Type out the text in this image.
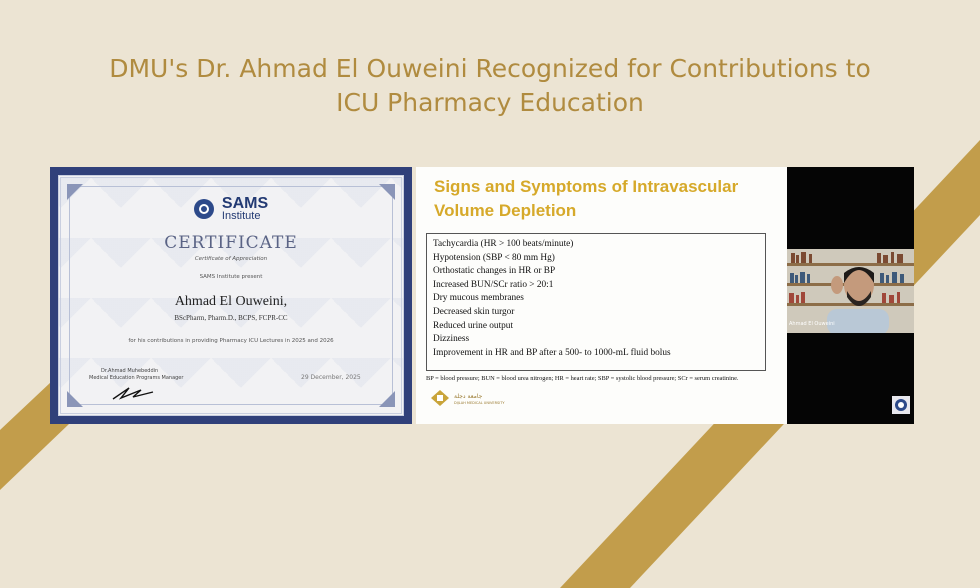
DMU's Dr. Ahmad El Ouweini Recognized for Contributions to
ICU Pharmacy Education

SAMS
Institute
CERTIFICATE
Certificate of Appreciation
SAMS Institute present
Ahmad El Ouweini,
BScPharm, Pharm.D., BCPS, FCPR-CC
for his contributions in providing Pharmacy ICU Lectures in 2025 and 2026
Dr.Ahmad Muhebeddin
Medical Education Programs Manager	29 December, 2025
Signs and Symptoms of Intravascular
Volume Depletion
Tachycardia (HR > 100 beats/minute)
Hypotension (SBP < 80 mm Hg)
Orthostatic changes in HR or BP
Increased BUN/SCr ratio > 20:1
Dry mucous membranes
Decreased skin turgor
Reduced urine output
Dizziness
Improvement in HR and BP after a 500- to 1000-mL fluid bolus
BP = blood pressure; BUN = blood urea nitrogen; HR = heart rate; SBP = systolic blood pressure; SCr = serum creatinine.
جامعة دجلة
DIJLAH MEDICAL UNIVERSITY
Ahmad El Ouweini
